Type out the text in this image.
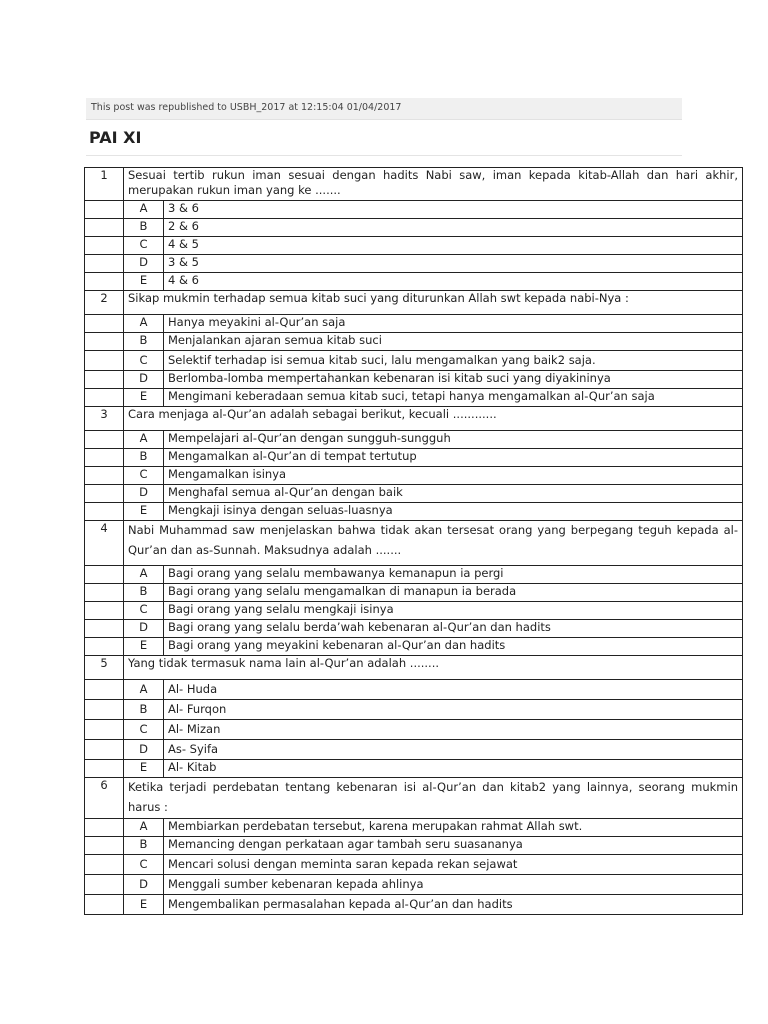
This post was republished to USBH_2017 at 12:15:04 01/04/2017
PAI XI
1	Sesuai tertib rukun iman sesuai dengan hadits Nabi saw, iman kepada kitab-Allah dan hari akhir, merupakan rukun iman yang ke .......	
	A	3 & 6
	B	2 & 6
	C	4 & 5
	D	3 & 5
	E	4 & 6
2	Sikap mukmin terhadap semua kitab suci yang diturunkan Allah swt kepada nabi-Nya :	
	A	Hanya meyakini al-Qur’an saja
	B	Menjalankan ajaran semua kitab suci
	C	Selektif terhadap isi semua kitab suci, lalu mengamalkan yang baik2 saja.
	D	Berlomba-lomba mempertahankan kebenaran isi kitab suci yang diyakininya
	E	Mengimani keberadaan semua kitab suci, tetapi hanya mengamalkan al-Qur’an saja
3	Cara menjaga al-Qur’an adalah sebagai berikut, kecuali ............	
	A	Mempelajari al-Qur’an dengan sungguh-sungguh
	B	Mengamalkan al-Qur’an di tempat tertutup
	C	Mengamalkan isinya
	D	Menghafal semua al-Qur’an dengan baik
	E	Mengkaji isinya dengan seluas-luasnya
4	Nabi Muhammad saw menjelaskan bahwa tidak akan tersesat orang yang berpegang teguh kepada al-Qur’an dan as-Sunnah. Maksudnya adalah .......	
	A	Bagi orang yang selalu membawanya kemanapun ia pergi
	B	Bagi orang yang selalu mengamalkan di manapun ia berada
	C	Bagi orang yang selalu mengkaji isinya
	D	Bagi orang yang selalu berda’wah kebenaran al-Qur’an dan hadits
	E	Bagi orang yang meyakini kebenaran al-Qur’an dan hadits
5	Yang tidak termasuk nama lain al-Qur’an adalah ........	
	A	Al- Huda
	B	Al- Furqon
	C	Al- Mizan
	D	As- Syifa
	E	Al- Kitab
6	Ketika terjadi perdebatan tentang kebenaran isi al-Qur’an dan kitab2 yang lainnya, seorang mukmin harus :	
	A	Membiarkan perdebatan tersebut, karena merupakan rahmat Allah swt.
	B	Memancing dengan perkataan agar tambah seru suasananya
	C	Mencari solusi dengan meminta saran kepada rekan sejawat
	D	Menggali sumber kebenaran kepada ahlinya
	E	Mengembalikan permasalahan kepada al-Qur’an dan hadits
